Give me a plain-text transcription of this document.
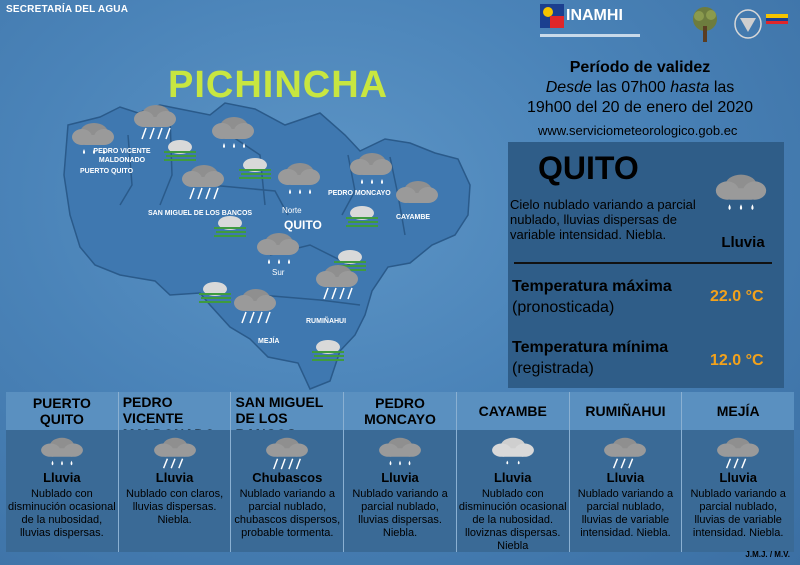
SECRETARÍA DEL AGUA	INAMHI
PICHINCHA	Período de validez
Desde las 07h00 hasta las
19h00 del 20 de enero del 2020
www.serviciometeorologico.gob.ec
PUERTO QUITO
PEDRO VICENTE MALDONADO
SAN MIGUEL DE LOS BANCOS
PEDRO MONCAYO
CAYAMBE
Norte
QUITO
Sur
RUMIÑAHUI
MEJÍA
QUITO
Cielo nublado variando a parcial nublado, lluvias dispersas de variable intensidad. Niebla.	Lluvia
Temperatura máxima
(pronosticada)
22.0 °C
Temperatura mínima
(registrada)	12.0 °C
PUERTO QUITO
Lluvia
Nublado con disminución ocasional de la nubosidad, lluvias dispersas.
PEDRO VICENTE
Lluvia
Nublado con claros, lluvias dispersas. Niebla.
SAN MIGUEL DE LOS
Chubascos
Nublado variando a parcial nublado, chubascos dispersos, probable tormenta.
PEDRO MONCAYO
Lluvia
Nublado variando a parcial nublado, lluvias dispersas. Niebla.
CAYAMBE
Lluvia
Nublado con disminución ocasional de la nubosidad. lloviznas dispersas. Niebla
RUMIÑAHUI
Lluvia
Nublado variando a parcial nublado, lluvias de variable intensidad. Niebla.
MEJÍA
Lluvia
Nublado variando a parcial nublado, lluvias de variable intensidad. Niebla.
J.M.J. / M.V.
